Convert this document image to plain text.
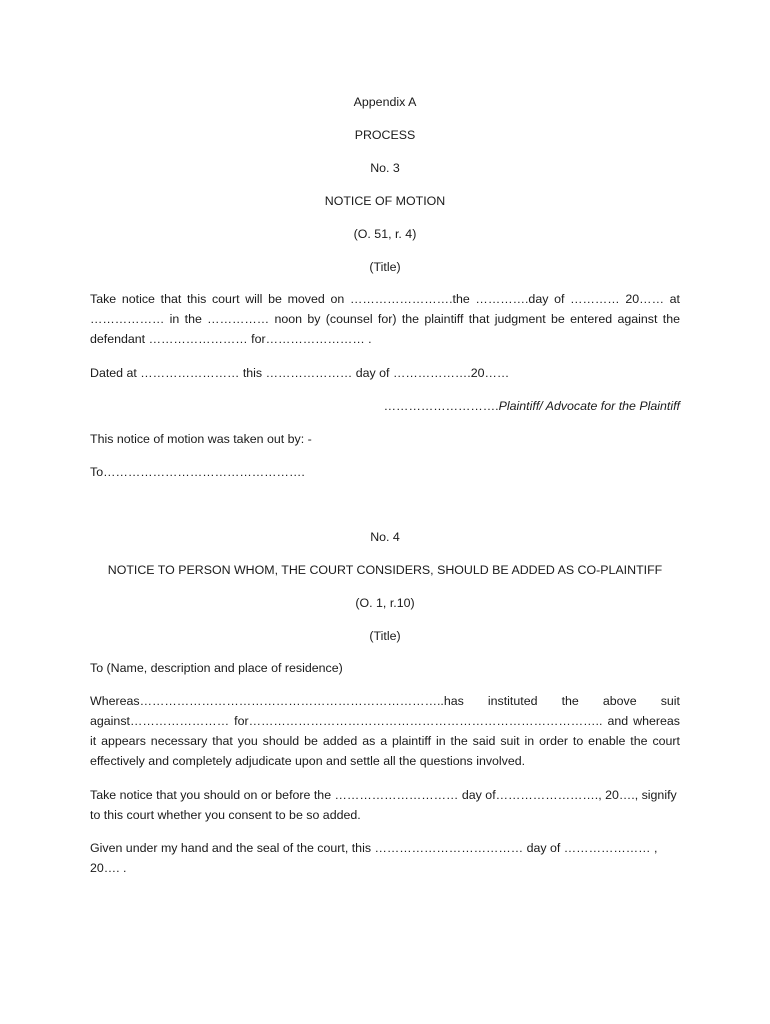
Appendix A
PROCESS
No. 3
NOTICE OF MOTION
(O. 51, r. 4)
(Title)
Take notice that this court will be moved on …………………….the ………….day of ………… 20…… at ……………… in the …………… noon by (counsel for) the plaintiff that judgment be entered against the defendant …………………… for…………………… .
Dated at …………………… this ………………… day of ……………….20……
……………………….Plaintiff/ Advocate for the Plaintiff
This notice of motion was taken out by: -
To………………………………………….
No. 4
NOTICE TO PERSON WHOM, THE COURT CONSIDERS, SHOULD BE ADDED AS CO-PLAINTIFF
(O. 1, r.10)
(Title)
To (Name, description and place of residence)
Whereas………………………………………………………………..has instituted the above suit against…………………… for………………………………………………………………………….. and whereas it appears necessary that you should be added as a plaintiff in the said suit in order to enable the court effectively and completely adjudicate upon and settle all the questions involved.
Take notice that you should on or before the ………………………… day of……………………., 20…., signify to this court whether you consent to be so added.
Given under my hand and the seal of the court, this ……………………………… day of ………………… , 20…. .
